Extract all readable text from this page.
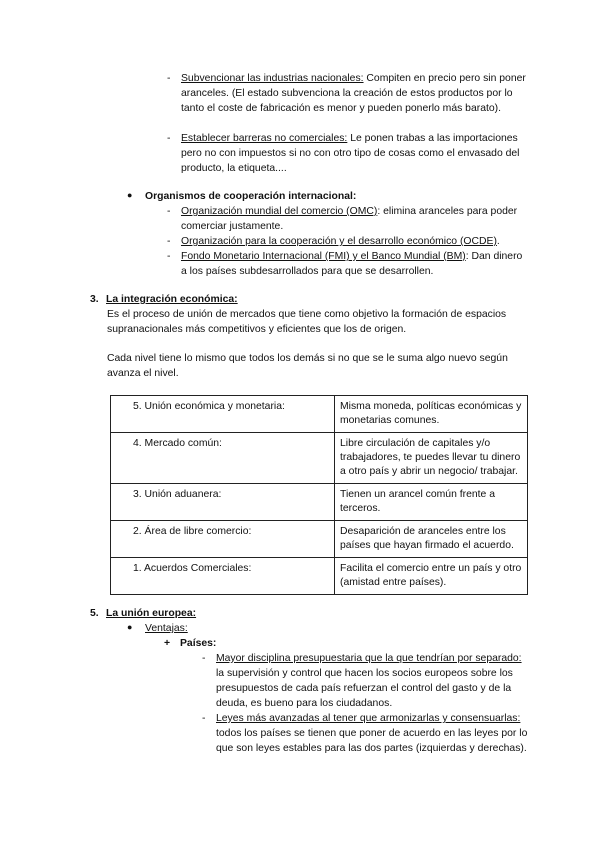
- Subvencionar las industrias nacionales: Compiten en precio pero sin poner aranceles. (El estado subvenciona la creación de estos productos por lo tanto el coste de fabricación es menor y pueden ponerlo más barato).
- Establecer barreras no comerciales: Le ponen trabas a las importaciones pero no con impuestos si no con otro tipo de cosas como el envasado del producto, la etiqueta....
● Organismos de cooperación internacional:
- Organización mundial del comercio (OMC): elimina aranceles para poder comerciar justamente.
- Organización para la cooperación y el desarrollo económico (OCDE).
- Fondo Monetario Internacional (FMI) y el Banco Mundial (BM): Dan dinero a los países subdesarrollados para que se desarrollen.
3. La integración económica:
Es el proceso de unión de mercados que tiene como objetivo la formación de espacios supranacionales más competitivos y eficientes que los de origen.
Cada nivel tiene lo mismo que todos los demás si no que se le suma algo nuevo según avanza el nivel.
5. Unión económica y monetaria:	Misma moneda, políticas económicas y monetarias comunes.
4. Mercado común:	Libre circulación de capitales y/o trabajadores, te puedes llevar tu dinero a otro país y abrir un negocio/ trabajar.
3. Unión aduanera:	Tienen un arancel común frente a terceros.
2. Área de libre comercio:	Desaparición de aranceles entre los países que hayan firmado el acuerdo.
1. Acuerdos Comerciales:	Facilita el comercio entre un país y otro (amistad entre países).
5. La unión europea:
● Ventajas:
+ Países:
- Mayor disciplina presupuestaria que la que tendrían por separado: la supervisión y control que hacen los socios europeos sobre los presupuestos de cada país refuerzan el control del gasto y de la deuda, es bueno para los ciudadanos.
- Leyes más avanzadas al tener que armonizarlas y consensuarlas: todos los países se tienen que poner de acuerdo en las leyes por lo que son leyes estables para las dos partes (izquierdas y derechas).
